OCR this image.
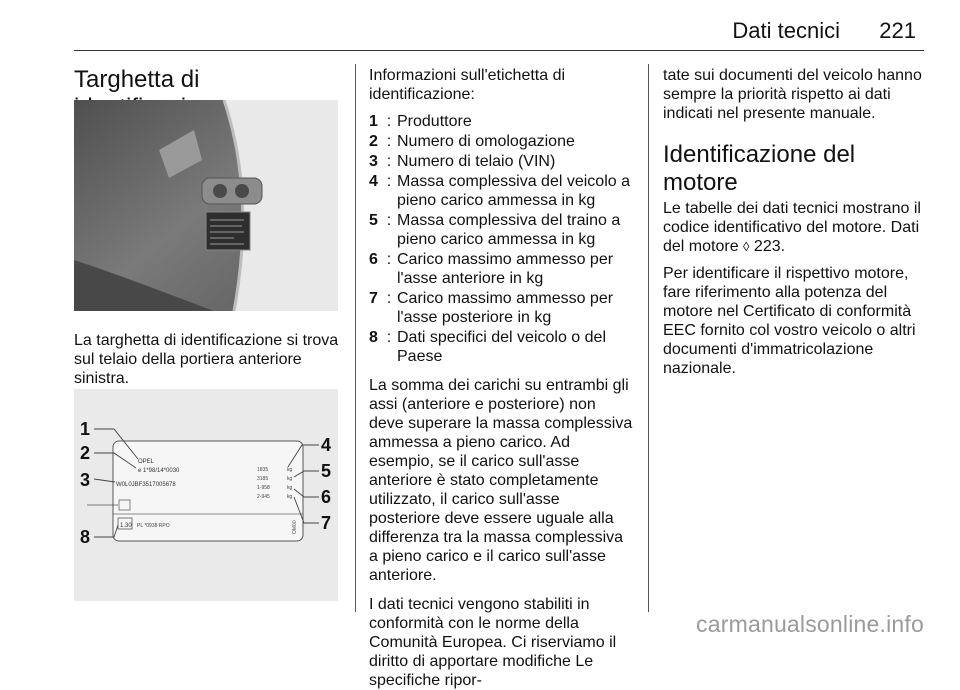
Dati tecnici 221
Targhetta di
La targhetta di identificazione si trova sul telaio della portiera anteriore sinistra.
OPEL
e 1*98/14*0030
W0L0JBF3517005678
1835
3185
1-958
2-945
kg
kg
kg
kg
1.30 PL *0938 RPO	OM00
1
2
3
4
5
6
7
8

Informazioni sull'etichetta di identificazione:

1 : Produttore
2 : Numero di omologazione
3 : Numero di telaio (VIN)
4 : Massa complessiva del veicolo a pieno carico ammessa in kg
5 : Massa complessiva del traino a pieno carico ammessa in kg
6 : Carico massimo ammesso per l'asse anteriore in kg
7 : Carico massimo ammesso per l'asse posteriore in kg
8 : Dati specifici del veicolo o del Paese

La somma dei carichi su entrambi gli assi (anteriore e posteriore) non deve superare la massa complessiva ammessa a pieno carico. Ad esempio, se il carico sull'asse anteriore è stato completamente utilizzato, il carico sull'asse posteriore deve essere uguale alla differenza tra la massa complessiva a pieno carico e il carico sull'asse anteriore.

Identificazione del motore

Le tabelle dei dati tecnici mostrano il codice identificativo del motore. Dati del motore ◊ 223.

Per identificare il rispettivo motore, fare riferimento alla potenza del motore nel Certificato di conformità EEC fornito col vostro veicolo o altri documenti d'immatricolazione nazionale.

I dati tecnici vengono stabiliti in conformità con le norme della Comunità Europea. Ci riserviamo il diritto di apportare modifiche Le specifiche ripor-
tate sui documenti del veicolo hanno sempre la priorità rispetto ai dati indicati nel presente manuale.
carmanualsonline.info
